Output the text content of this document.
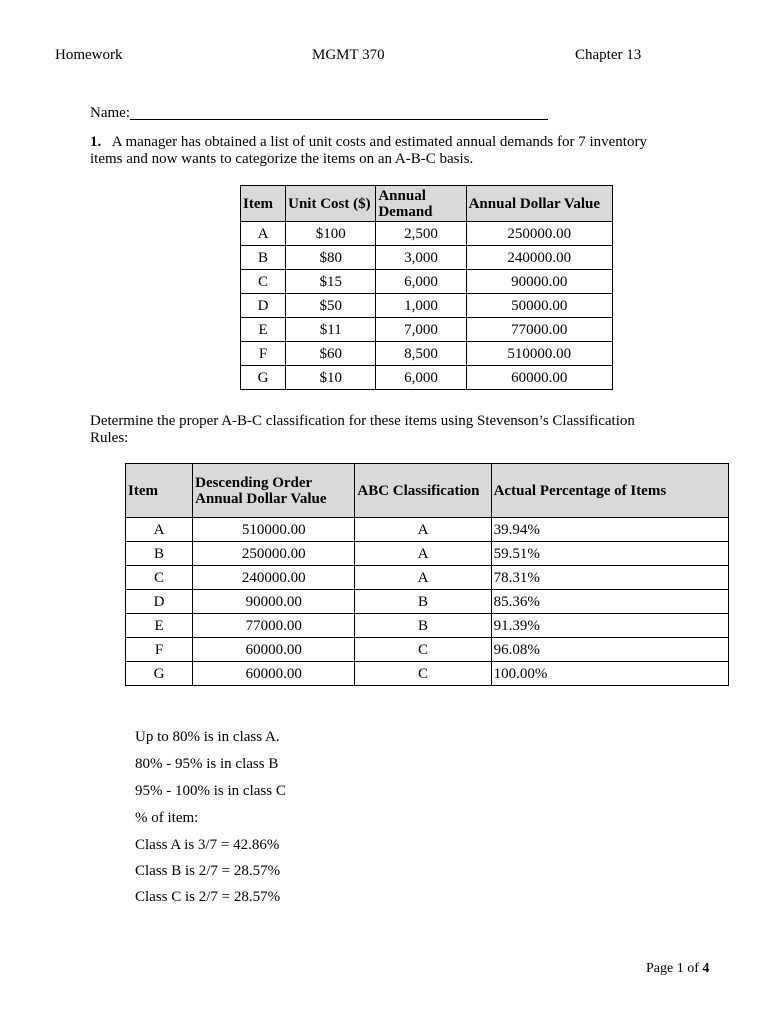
Homework	MGMT 370	Chapter 13
Name:
1. A manager has obtained a list of unit costs and estimated annual demands for 7 inventory
items and now wants to categorize the items on an A-B-C basis.
Item	Unit Cost ($)	Annual Demand	Annual Dollar Value
A	$100	2,500	250000.00
B	$80	3,000	240000.00
C	$15	6,000	90000.00
D	$50	1,000	50000.00
E	$11	7,000	77000.00
F	$60	8,500	510000.00
G	$10	6,000	60000.00
Determine the proper A-B-C classification for these items using Stevenson’s Classification
Rules:
Item	Descending Order Annual Dollar Value	ABC Classification	Actual Percentage of Items
A	510000.00	A	39.94%
B	250000.00	A	59.51%
C	240000.00	A	78.31%
D	90000.00	B	85.36%
E	77000.00	B	91.39%
F	60000.00	C	96.08%
G	60000.00	C	100.00%
Up to 80% is in class A.
80% - 95% is in class B
95% - 100% is in class C
% of item:
Class A is 3/7 = 42.86%
Class B is 2/7 = 28.57%
Class C is 2/7 = 28.57%
Page 1 of 4
